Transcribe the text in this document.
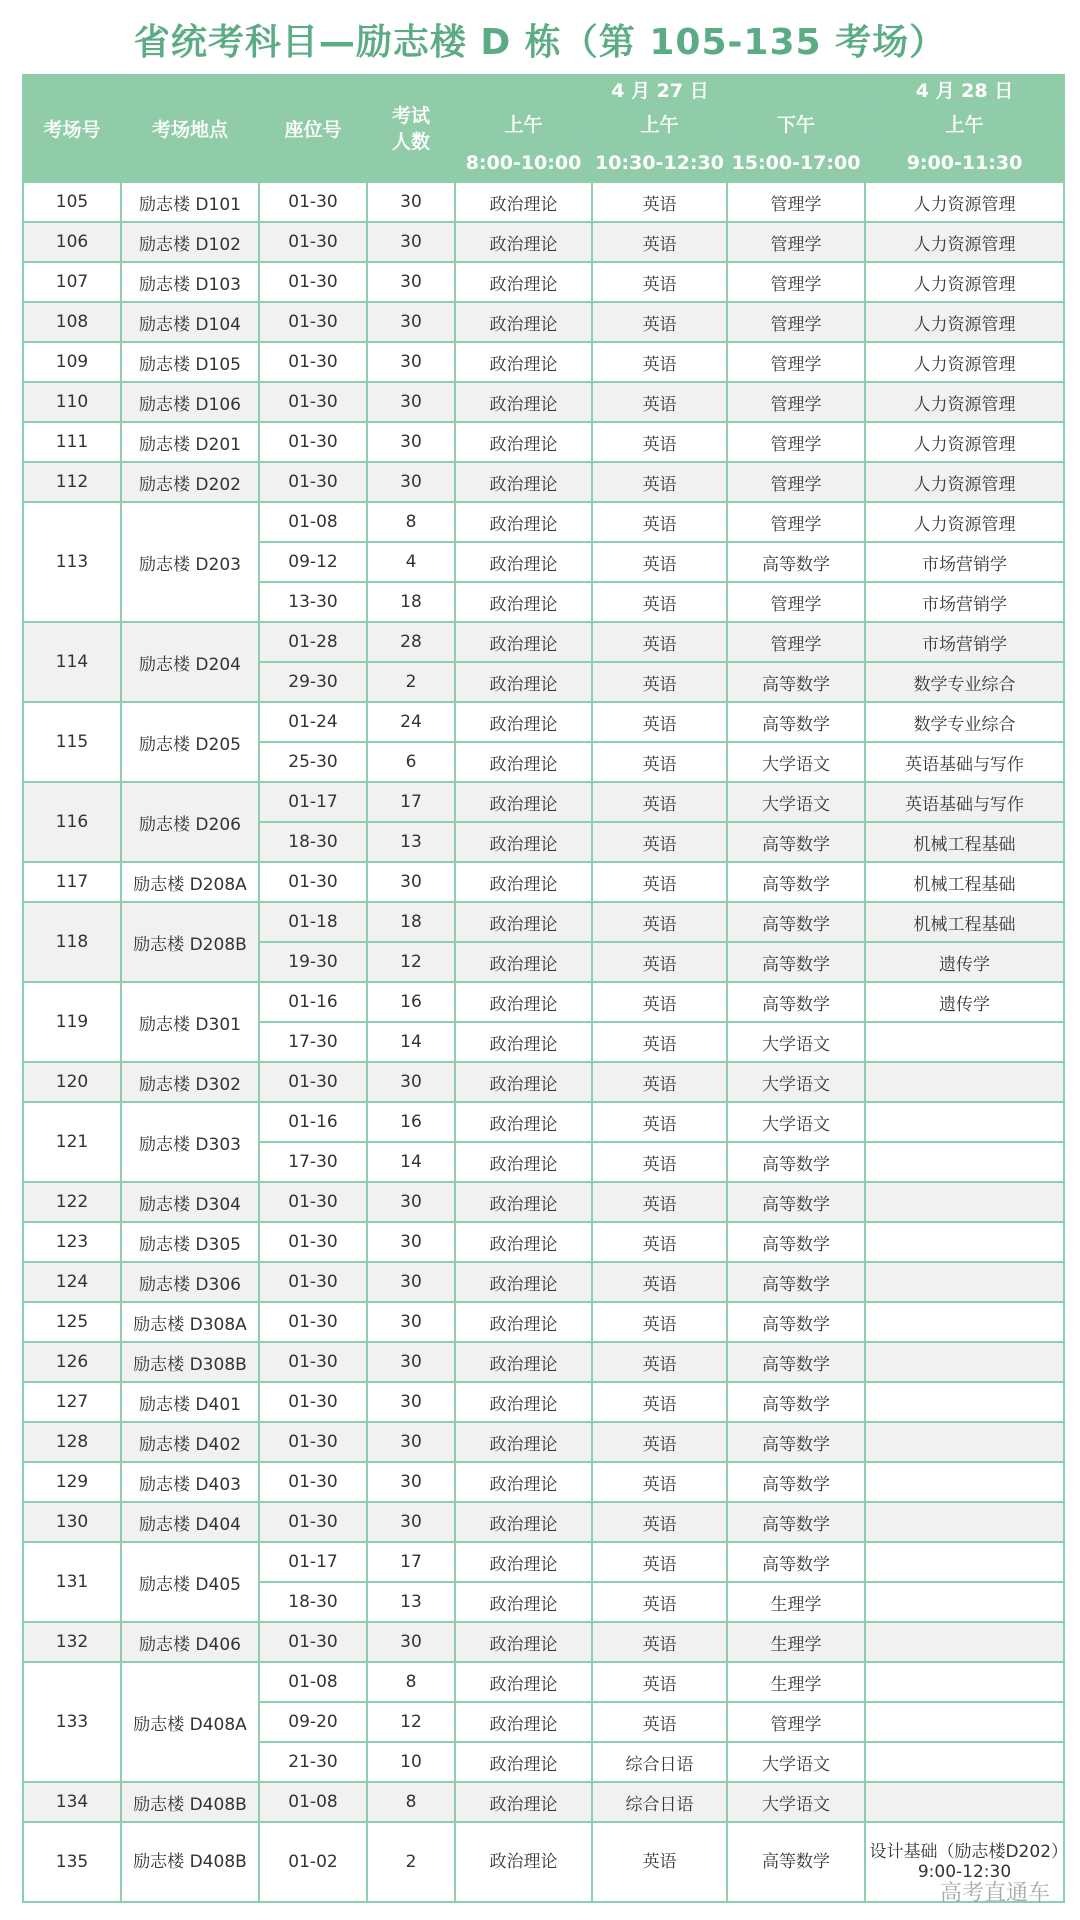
省统考科目—励志楼 D 栋（第 105-135 考场）
考场号	考场地点	座位号	考试人数	4 月 27 日			4 月 28 日
				上午	上午	下午	上午
				8:00-10:00	10:30-12:30	15:00-17:00	9:00-11:30
105	励志楼 D101	01-30	30	政治理论	英语	管理学	人力资源管理
106	励志楼 D102	01-30	30	政治理论	英语	管理学	人力资源管理
107	励志楼 D103	01-30	30	政治理论	英语	管理学	人力资源管理
108	励志楼 D104	01-30	30	政治理论	英语	管理学	人力资源管理
109	励志楼 D105	01-30	30	政治理论	英语	管理学	人力资源管理
110	励志楼 D106	01-30	30	政治理论	英语	管理学	人力资源管理
111	励志楼 D201	01-30	30	政治理论	英语	管理学	人力资源管理
112	励志楼 D202	01-30	30	政治理论	英语	管理学	人力资源管理
113	励志楼 D203	01-08	8	政治理论	英语	管理学	人力资源管理
		09-12	4	政治理论	英语	高等数学	市场营销学
		13-30	18	政治理论	英语	管理学	市场营销学
114	励志楼 D204	01-28	28	政治理论	英语	管理学	市场营销学
		29-30	2	政治理论	英语	高等数学	数学专业综合
115	励志楼 D205	01-24	24	政治理论	英语	高等数学	数学专业综合
		25-30	6	政治理论	英语	大学语文	英语基础与写作
116	励志楼 D206	01-17	17	政治理论	英语	大学语文	英语基础与写作
		18-30	13	政治理论	英语	高等数学	机械工程基础
117	励志楼 D208A	01-30	30	政治理论	英语	高等数学	机械工程基础
118	励志楼 D208B	01-18	18	政治理论	英语	高等数学	机械工程基础
		19-30	12	政治理论	英语	高等数学	遗传学
119	励志楼 D301	01-16	16	政治理论	英语	高等数学	遗传学
		17-30	14	政治理论	英语	大学语文	
120	励志楼 D302	01-30	30	政治理论	英语	大学语文	
121	励志楼 D303	01-16	16	政治理论	英语	大学语文	
		17-30	14	政治理论	英语	高等数学	
122	励志楼 D304	01-30	30	政治理论	英语	高等数学	
123	励志楼 D305	01-30	30	政治理论	英语	高等数学	
124	励志楼 D306	01-30	30	政治理论	英语	高等数学	
125	励志楼 D308A	01-30	30	政治理论	英语	高等数学	
126	励志楼 D308B	01-30	30	政治理论	英语	高等数学	
127	励志楼 D401	01-30	30	政治理论	英语	高等数学	
128	励志楼 D402	01-30	30	政治理论	英语	高等数学	
129	励志楼 D403	01-30	30	政治理论	英语	高等数学	
130	励志楼 D404	01-30	30	政治理论	英语	高等数学	
131	励志楼 D405	01-17	17	政治理论	英语	高等数学	
		18-30	13	政治理论	英语	生理学	
132	励志楼 D406	01-30	30	政治理论	英语	生理学	
133	励志楼 D408A	01-08	8	政治理论	英语	生理学	
		09-20	12	政治理论	英语	管理学	
		21-30	10	政治理论	综合日语	大学语文	
134	励志楼 D408B	01-08	8	政治理论	综合日语	大学语文	
135	励志楼 D408B	01-02	2	政治理论	英语	高等数学	设计基础（励志楼D202）9:00-12:30
高考直通车
